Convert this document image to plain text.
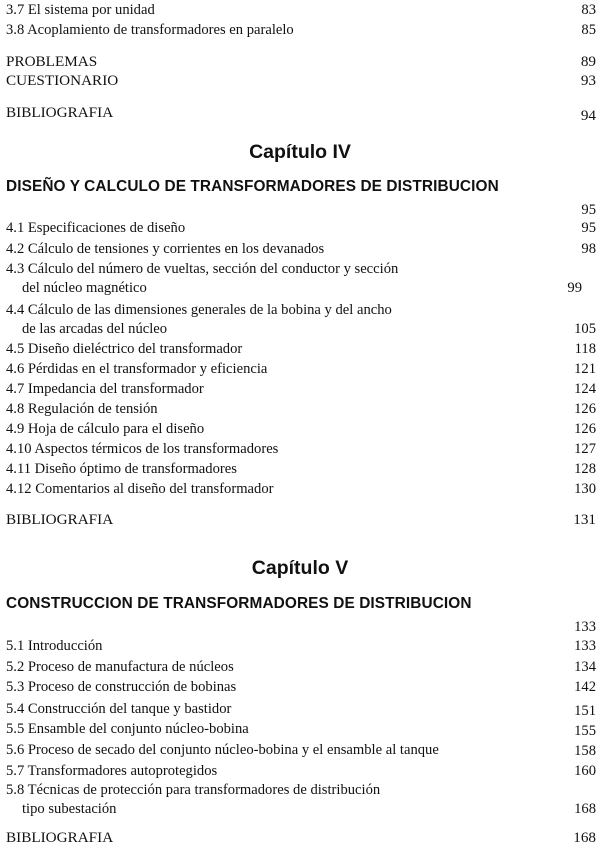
3.7 El sistema por unidad	83
3.8 Acoplamiento de transformadores en paralelo	85
PROBLEMAS	89
CUESTIONARIO	93
BIBLIOGRAFIA	94
Capítulo IV
DISEÑO Y CALCULO DE TRANSFORMADORES DE DISTRIBUCION
95
4.1 Especificaciones de diseño	95
4.2 Cálculo de tensiones y corrientes en los devanados	98
4.3 Cálculo del número de vueltas, sección del conductor y sección
del núcleo magnético	99
4.4 Cálculo de las dimensiones generales de la bobina y del ancho
de las arcadas del núcleo	105
4.5 Diseño dieléctrico del transformador	118
4.6 Pérdidas en el transformador y eficiencia	121
4.7 Impedancia del transformador	124
4.8 Regulación de tensión	126
4.9 Hoja de cálculo para el diseño	126
4.10 Aspectos térmicos de los transformadores	127
4.11 Diseño óptimo de transformadores	128
4.12 Comentarios al diseño del transformador	130
BIBLIOGRAFIA	131
Capítulo V
CONSTRUCCION DE TRANSFORMADORES DE DISTRIBUCION
133
5.1 Introducción	133
5.2 Proceso de manufactura de núcleos	134
5.3 Proceso de construcción de bobinas	142
5.4 Construcción del tanque y bastidor	151
5.5 Ensamble del conjunto núcleo-bobina	155
5.6 Proceso de secado del conjunto núcleo-bobina y el ensamble al tanque	158
5.7 Transformadores autoprotegidos	160
5.8 Técnicas de protección para transformadores de distribución
tipo subestación	168
BIBLIOGRAFIA	168
